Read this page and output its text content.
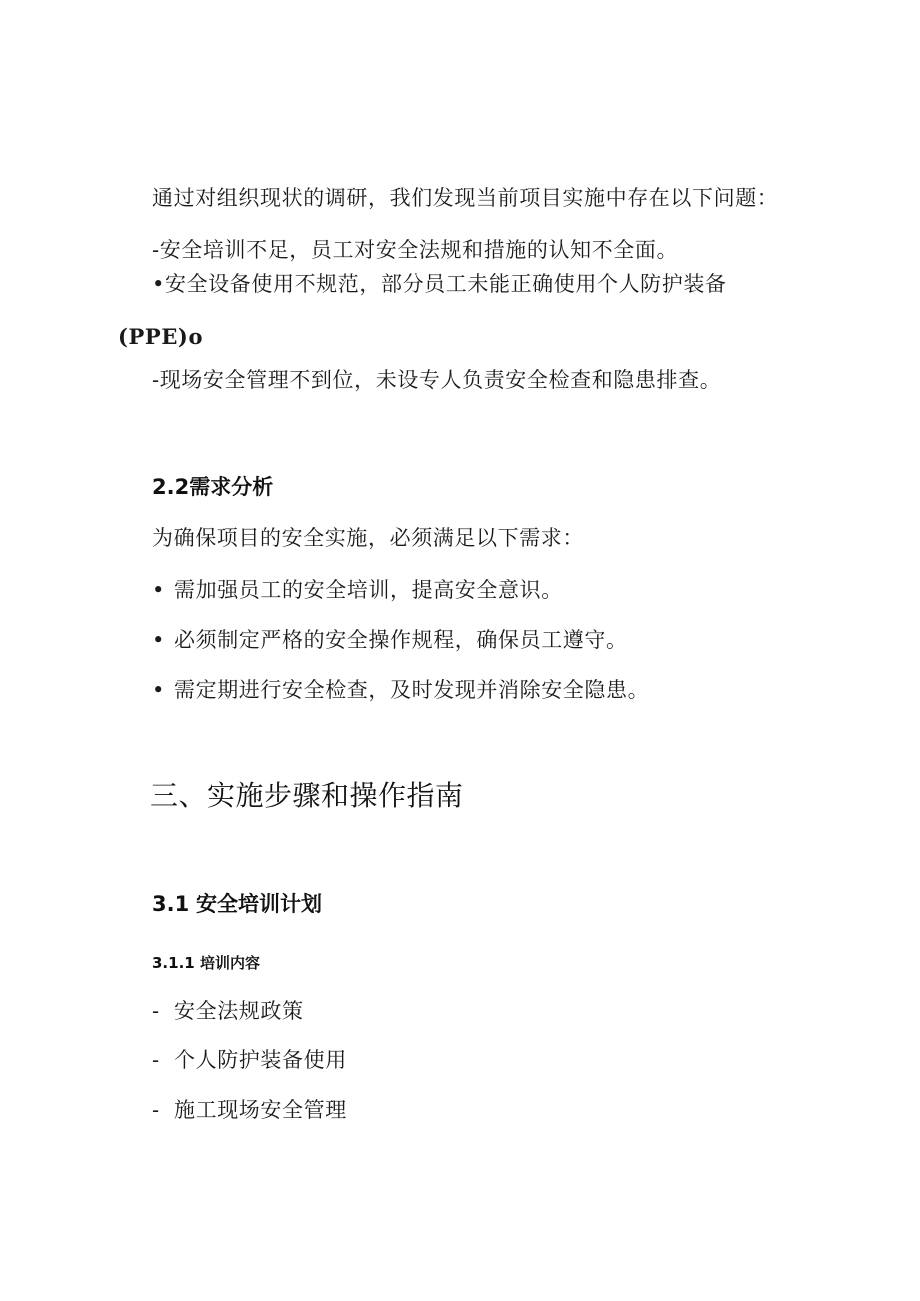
通过对组织现状的调研，我们发现当前项目实施中存在以下问题：
-安全培训不足，员工对安全法规和措施的认知不全面。
•安全设备使用不规范，部分员工未能正确使用个人防护装备
(PPE)o
-现场安全管理不到位，未设专人负责安全检查和隐患排查。
2.2需求分析
为确保项目的安全实施，必须满足以下需求：
• 需加强员工的安全培训，提高安全意识。
• 必须制定严格的安全操作规程，确保员工遵守。
• 需定期进行安全检查，及时发现并消除安全隐患。
三、实施步骤和操作指南
3.1 安全培训计划
3.1.1 培训内容
- 安全法规政策
- 个人防护装备使用
- 施工现场安全管理
